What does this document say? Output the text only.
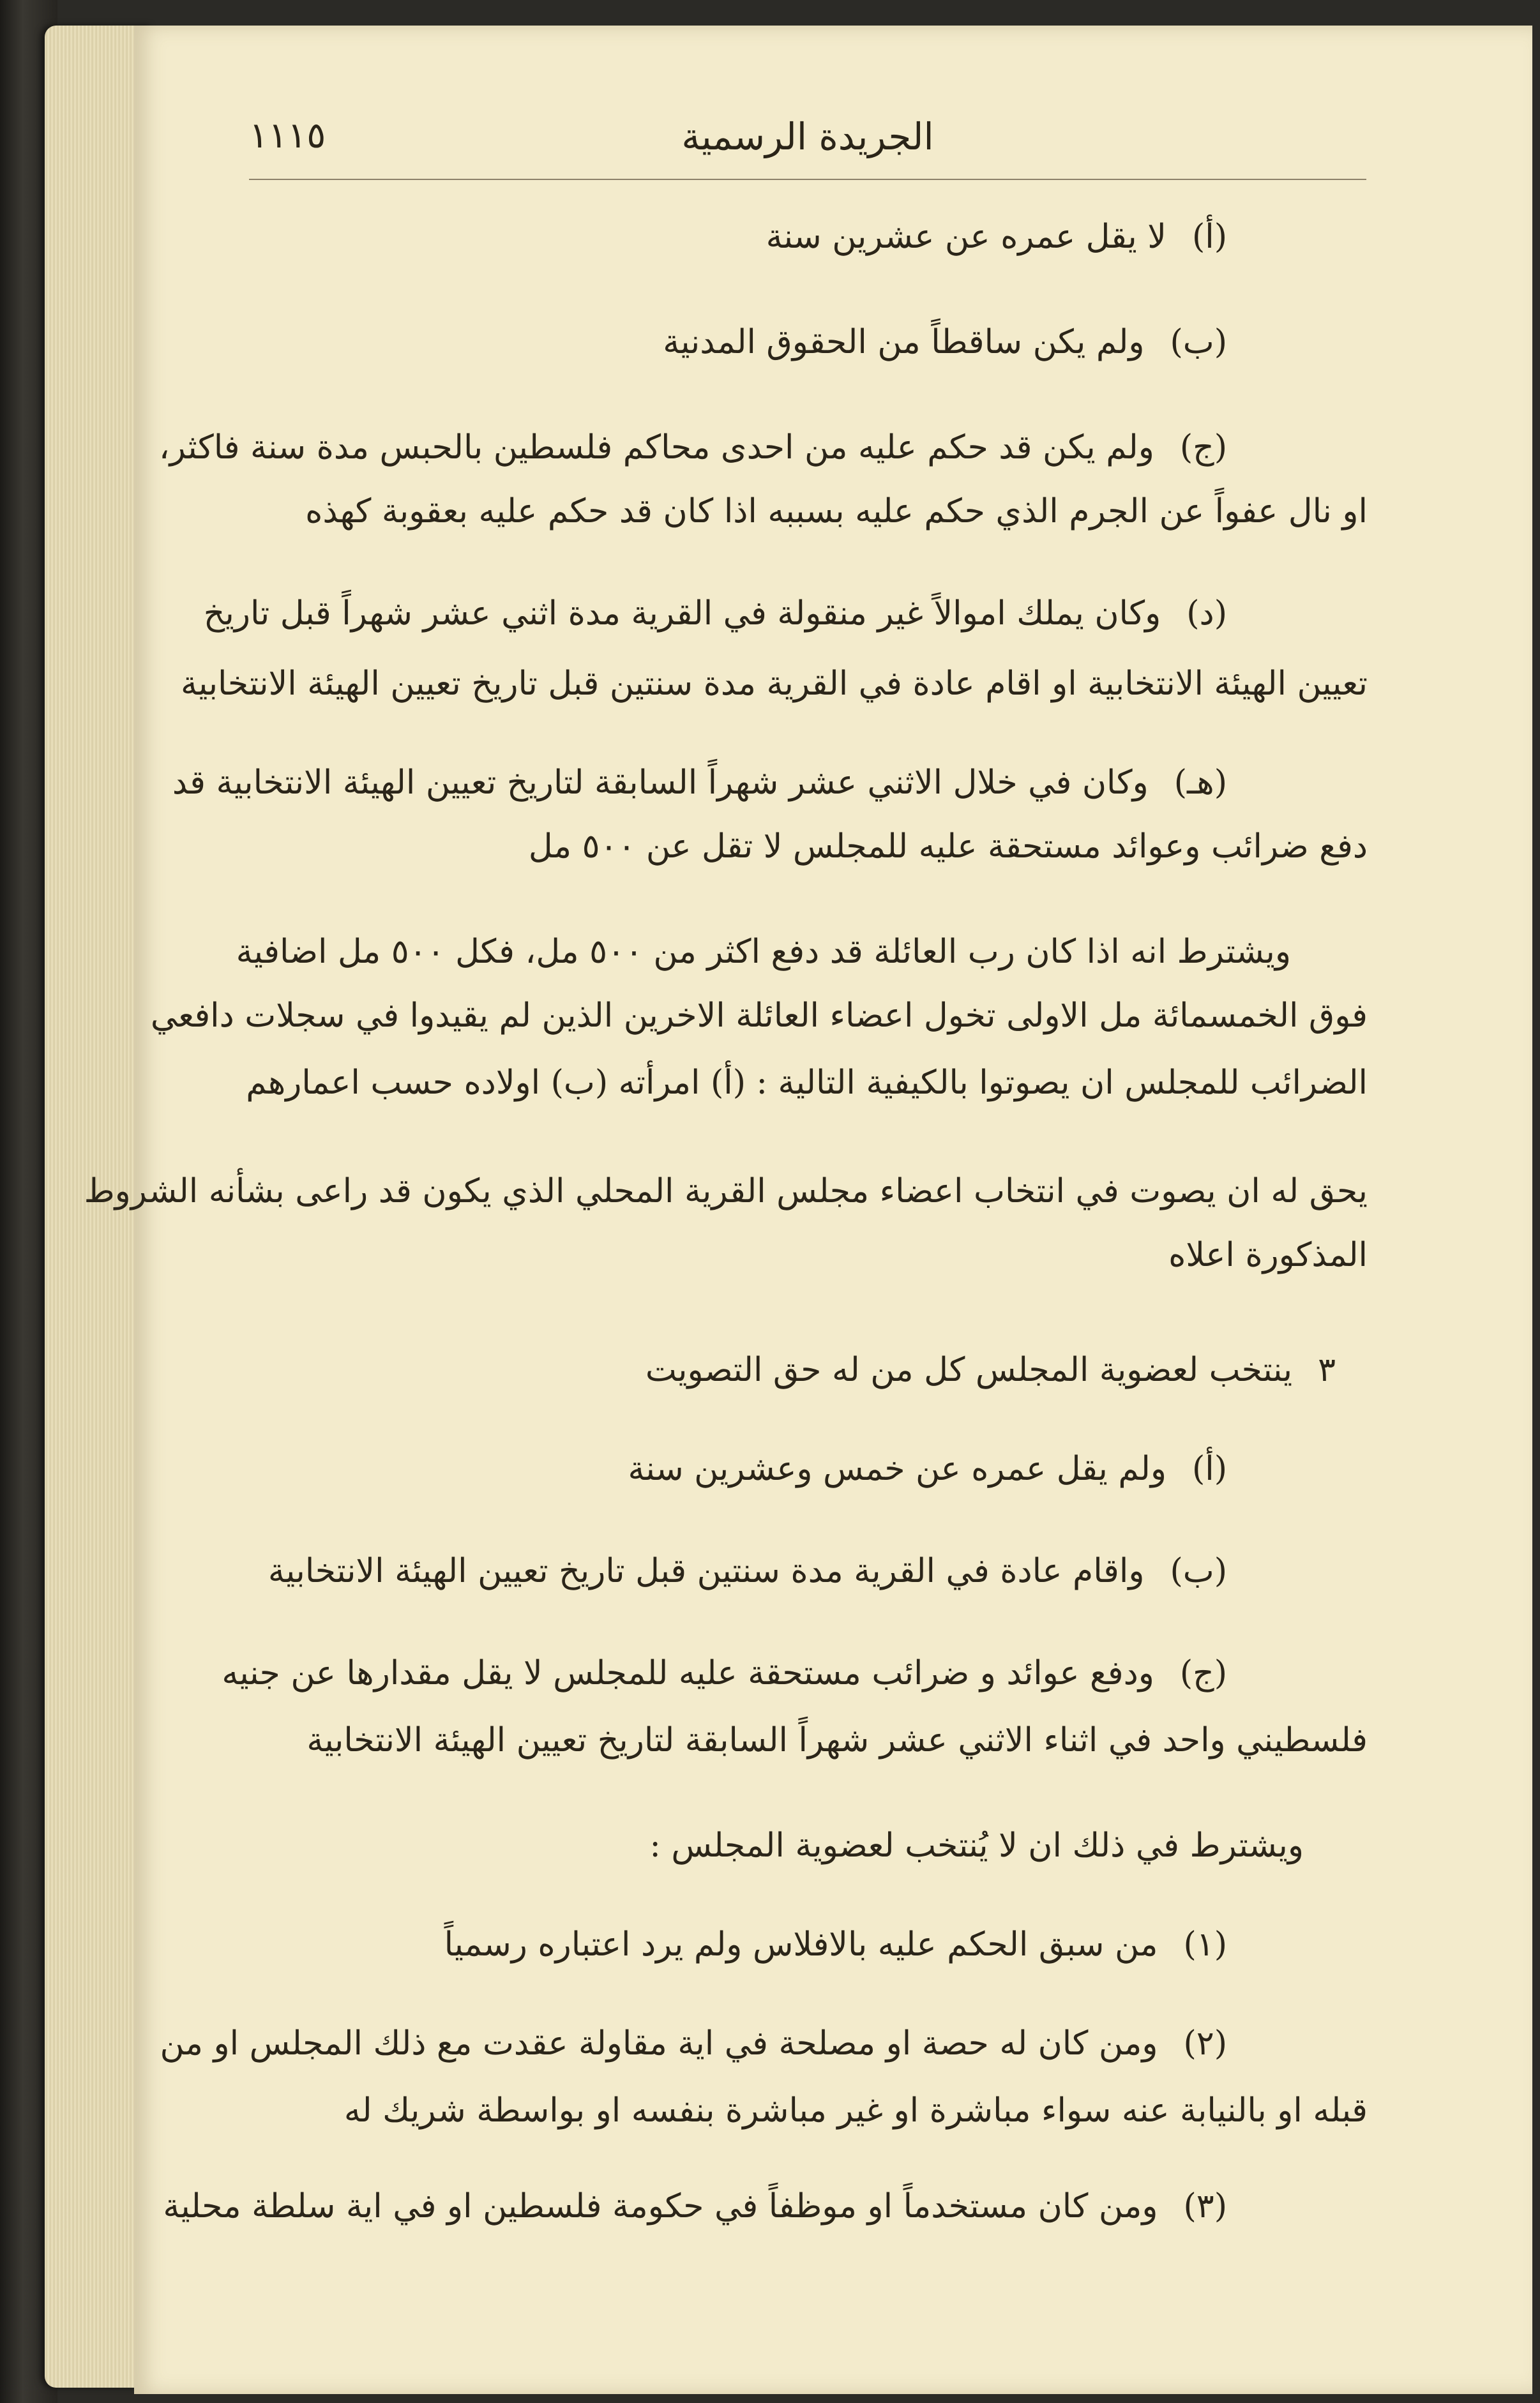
الجريدة الرسمية
١١١٥
(أ)لا يقل عمره عن عشرين سنة
(ب)ولم يكن ساقطاً من الحقوق المدنية
(ج)ولم يكن قد حكم عليه من احدى محاكم فلسطين بالحبس مدة سنة فاكثر،
او نال عفواً عن الجرم الذي حكم عليه بسببه اذا كان قد حكم عليه بعقوبة كهذه
(د)وكان يملك اموالاً غير منقولة في القرية مدة اثني عشر شهراً قبل تاريخ
تعيين الهيئة الانتخابية او اقام عادة في القرية مدة سنتين قبل تاريخ تعيين الهيئة الانتخابية
(هـ)وكان في خلال الاثني عشر شهراً السابقة لتاريخ تعيين الهيئة الانتخابية قد
دفع ضرائب وعوائد مستحقة عليه للمجلس لا تقل عن ٥٠٠ مل
ويشترط انه اذا كان رب العائلة قد دفع اكثر من ٥٠٠ مل، فكل ٥٠٠ مل اضافية
فوق الخمسمائة مل الاولى تخول اعضاء العائلة الاخرين الذين لم يقيدوا في سجلات دافعي
الضرائب للمجلس ان يصوتوا بالكيفية التالية : (أ) امرأته (ب) اولاده حسب اعمارهم
يحق له ان يصوت في انتخاب اعضاء مجلس القرية المحلي الذي يكون قد راعى بشأنه الشروط
المذكورة اعلاه
٣ينتخب لعضوية المجلس كل من له حق التصويت
(أ)ولم يقل عمره عن خمس وعشرين سنة
(ب)واقام عادة في القرية مدة سنتين قبل تاريخ تعيين الهيئة الانتخابية
(ج)ودفع عوائد و ضرائب مستحقة عليه للمجلس لا يقل مقدارها عن جنيه
فلسطيني واحد في اثناء الاثني عشر شهراً السابقة لتاريخ تعيين الهيئة الانتخابية
ويشترط في ذلك ان لا يُنتخب لعضوية المجلس :
(١)من سبق الحكم عليه بالافلاس ولم يرد اعتباره رسمياً
(٢)ومن كان له حصة او مصلحة في اية مقاولة عقدت مع ذلك المجلس او من
قبله او بالنيابة عنه سواء مباشرة او غير مباشرة بنفسه او بواسطة شريك له
(٣)ومن كان مستخدماً او موظفاً في حكومة فلسطين او في اية سلطة محلية
